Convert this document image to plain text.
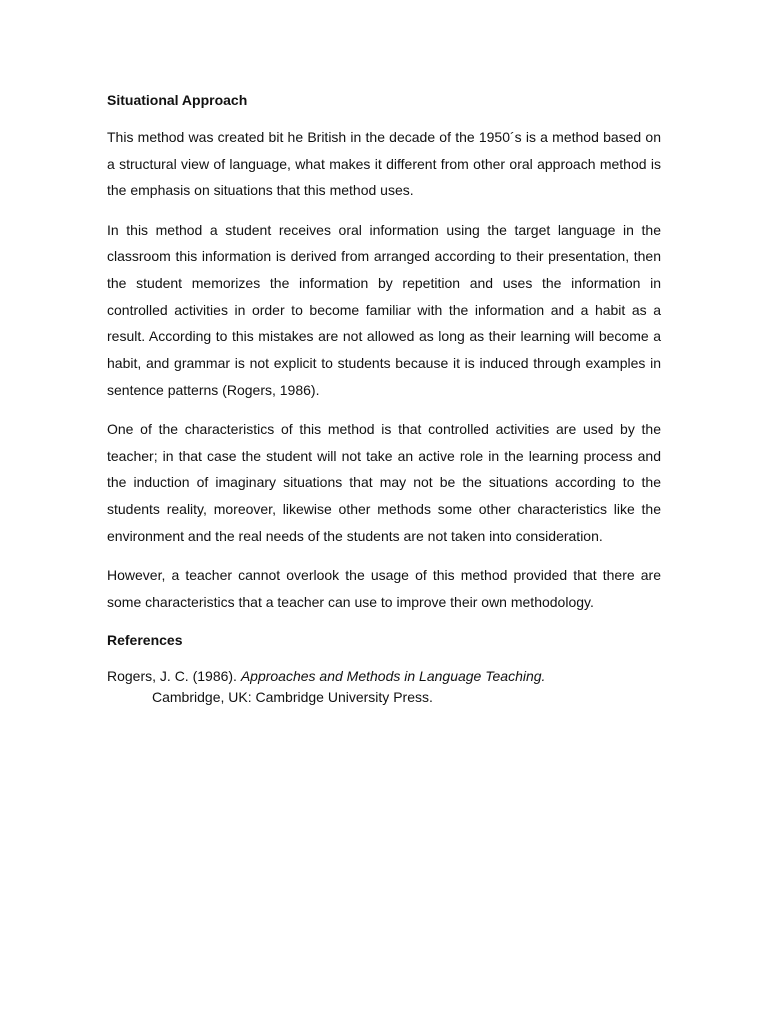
Situational Approach

This method was created bit he British in the decade of the 1950´s is a method based on a structural view of language, what makes it different from other oral approach method is the emphasis on situations that this method uses.

In this method a student receives oral information using the target language in the classroom this information is derived from arranged according to their presentation, then the student memorizes the information by repetition and uses the information in controlled activities in order to become familiar with the information and a habit as a result. According to this mistakes are not allowed as long as their learning will become a habit, and grammar is not explicit to students because it is induced through examples in sentence patterns (Rogers, 1986).

One of the characteristics of this method is that controlled activities are used by the teacher; in that case the student will not take an active role in the learning process and the induction of imaginary situations that may not be the situations according to the students reality, moreover, likewise other methods some other characteristics like the environment and the real needs of the students are not taken into consideration.

However, a teacher cannot overlook the usage of this method provided that there are some characteristics that a teacher can use to improve their own methodology.

References

Rogers, J. C. (1986). Approaches and Methods in Language Teaching.
Cambridge, UK: Cambridge University Press.
